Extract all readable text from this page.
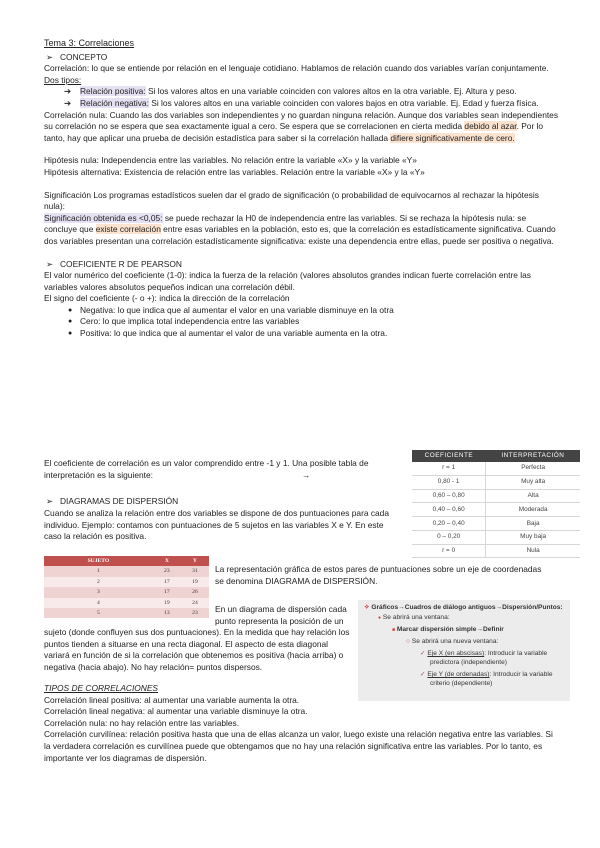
Tema 3: Correlaciones

➢ CONCEPTO

Correlación: lo que se entiende por relación en el lenguaje cotidiano. Hablamos de relación cuando dos variables varían conjuntamente. Dos tipos:

➔ Relación positiva: Si los valores altos en una variable coinciden con valores altos en la otra variable. Ej. Altura y peso.
➔ Relación negativa: Si los valores altos en una variable coinciden con valores bajos en otra variable. Ej. Edad y fuerza física.

Correlación nula: Cuando las dos variables son independientes y no guardan ninguna relación. Aunque dos variables sean independientes su correlación no se espera que sea exactamente igual a cero. Se espera que se correlacionen en cierta medida debido al azar. Por lo tanto, hay que aplicar una prueba de decisión estadística para saber si la correlación hallada difiere significativamente de cero.

Hipótesis nula: Independencia entre las variables. No relación entre la variable «X» y la variable «Y»

Hipótesis alternativa: Existencia de relación entre las variables. Relación entre la variable «X» y la «Y»

Significación Los programas estadísticos suelen dar el grado de significación (o probabilidad de equivocarnos al rechazar la hipótesis nula):
Significación obtenida es <0,05: se puede rechazar la H0 de independencia entre las variables. Si se rechaza la hipótesis nula: se concluye que existe correlación entre esas variables en la población, esto es, que la correlación es estadísticamente significativa. Cuando dos variables presentan una correlación estadísticamente significativa: existe una dependencia entre ellas, puede ser positiva o negativa.

➢ COEFICIENTE R DE PEARSON

El valor numérico del coeficiente (1-0): indica la fuerza de la relación (valores absolutos grandes indican fuerte correlación entre las variables valores absolutos pequeños indican una correlación débil.

El signo del coeficiente (- o +): indica la dirección de la correlación

● Negativa: lo que indica que al aumentar el valor en una variable disminuye en la otra
● Cero: lo que implica total independencia entre las variables
● Positiva: lo que indica que al aumentar el valor de una variable aumenta en la otra.

El coeficiente de correlación es un valor comprendido entre -1 y 1. Una posible tabla de interpretación es la siguiente:	→
COEFICIENTE	INTERPRETACIÓN
r = 1	Perfecta
0,80 - 1	Muy alta
0,60 – 0,80	Alta
0,40 – 0,60	Moderada
0,20 – 0,40	Baja
0 – 0,20	Muy baja
r = 0	Nula

➢ DIAGRAMAS DE DISPERSIÓN

Cuando se analiza la relación entre dos variables se dispone de dos puntuaciones para cada individuo. Ejemplo: contamos con puntuaciones de 5 sujetos en las variables X e Y. En este caso la relación es positiva.

SUJETO	X	Y
1	23	31
2	17	19
3	17	26
4	19	24
5	13	23

La representación gráfica de estos pares de puntuaciones sobre un eje de coordenadas
se denomina DIAGRAMA de DISPERSIÓN.

En un diagrama de dispersión cada
punto representa la posición de un

sujeto (donde confluyen sus dos puntuaciones). En la medida que hay relación los puntos tienden a situarse en una recta diagonal. El aspecto de esta diagonal variará en función de si la correlación que obtenemos es positiva (hacia arriba) o negativa (hacia abajo). No hay relación= puntos dispersos.

✧ Gráficos→Cuadros de diálogo antiguos→Dispersión/Puntos:
● Se abrirá una ventana:
■ Marcar dispersión simple→Definir
○ Se abrirá una nueva ventana:
✓ Eje X (en abscisas): Introducir la variable
predictora (independiente)
✓ Eje Y (de ordenadas): Introducir la variable
criterio (dependiente)

TIPOS DE CORRELACIONES

Correlación lineal positiva: al aumentar una variable aumenta la otra.

Correlación lineal negativa: al aumentar una variable disminuye la otra.

Correlación nula: no hay relación entre las variables.

Correlación curvilínea: relación positiva hasta que una de ellas alcanza un valor, luego existe una relación negativa entre las variables. Si la verdadera correlación es curvilínea puede que obtengamos que no hay una relación significativa entre las variables. Por lo tanto, es importante ver los diagramas de dispersión.
